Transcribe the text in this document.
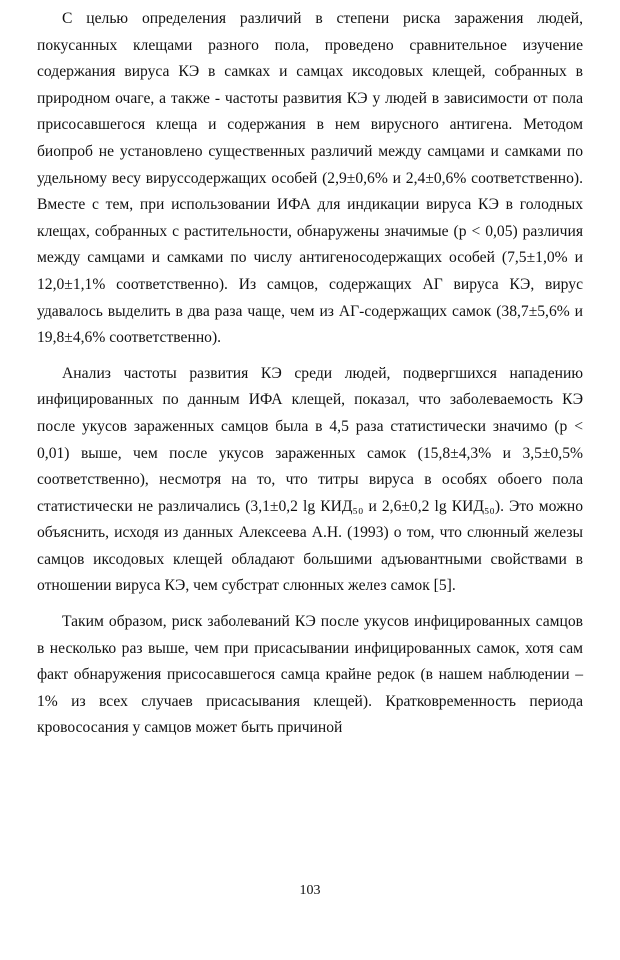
С целью определения различий в степени риска заражения людей, покусанных клещами разного пола, проведено сравнительное изучение содержания вируса КЭ в самках и самцах иксодовых клещей, собранных в природном очаге, а также - частоты развития КЭ у людей в зависимости от пола присосавшегося клеща и содержания в нем вирусного антигена. Методом биопроб не установлено существенных различий между самцами и самками по удельному весу вируссодержащих особей (2,9±0,6% и 2,4±0,6% соответственно). Вместе с тем, при использовании ИФА для индикации вируса КЭ в голодных клещах, собранных с растительности, обнаружены значимые (р < 0,05) различия между самцами и самками по числу антигеносодержащих особей (7,5±1,0% и 12,0±1,1% соответственно). Из самцов, содержащих АГ вируса КЭ, вирус удавалось выделить в два раза чаще, чем из АГ-содержащих самок (38,7±5,6% и 19,8±4,6% соответственно).

Анализ частоты развития КЭ среди людей, подвергшихся нападению инфицированных по данным ИФА клещей, показал, что заболеваемость КЭ после укусов зараженных самцов была в 4,5 раза статистически значимо (р < 0,01) выше, чем после укусов зараженных самок (15,8±4,3% и 3,5±0,5% соответственно), несмотря на то, что титры вируса в особях обоего пола статистически не различались (3,1±0,2 lg КИД₅₀ и 2,6±0,2 lg КИД₅₀). Это можно объяснить, исходя из данных Алексеева А.Н. (1993) о том, что слюнный железы самцов иксодовых клещей обладают большими адъювантными свойствами в отношении вируса КЭ, чем субстрат слюнных желез самок [5].

Таким образом, риск заболеваний КЭ после укусов инфицированных самцов в несколько раз выше, чем при присасывании инфицированных самок, хотя сам факт обнаружения присосавшегося самца крайне редок (в нашем наблюдении – 1% из всех случаев присасывания клещей). Кратковременность периода кровососания у самцов может быть причиной

103
